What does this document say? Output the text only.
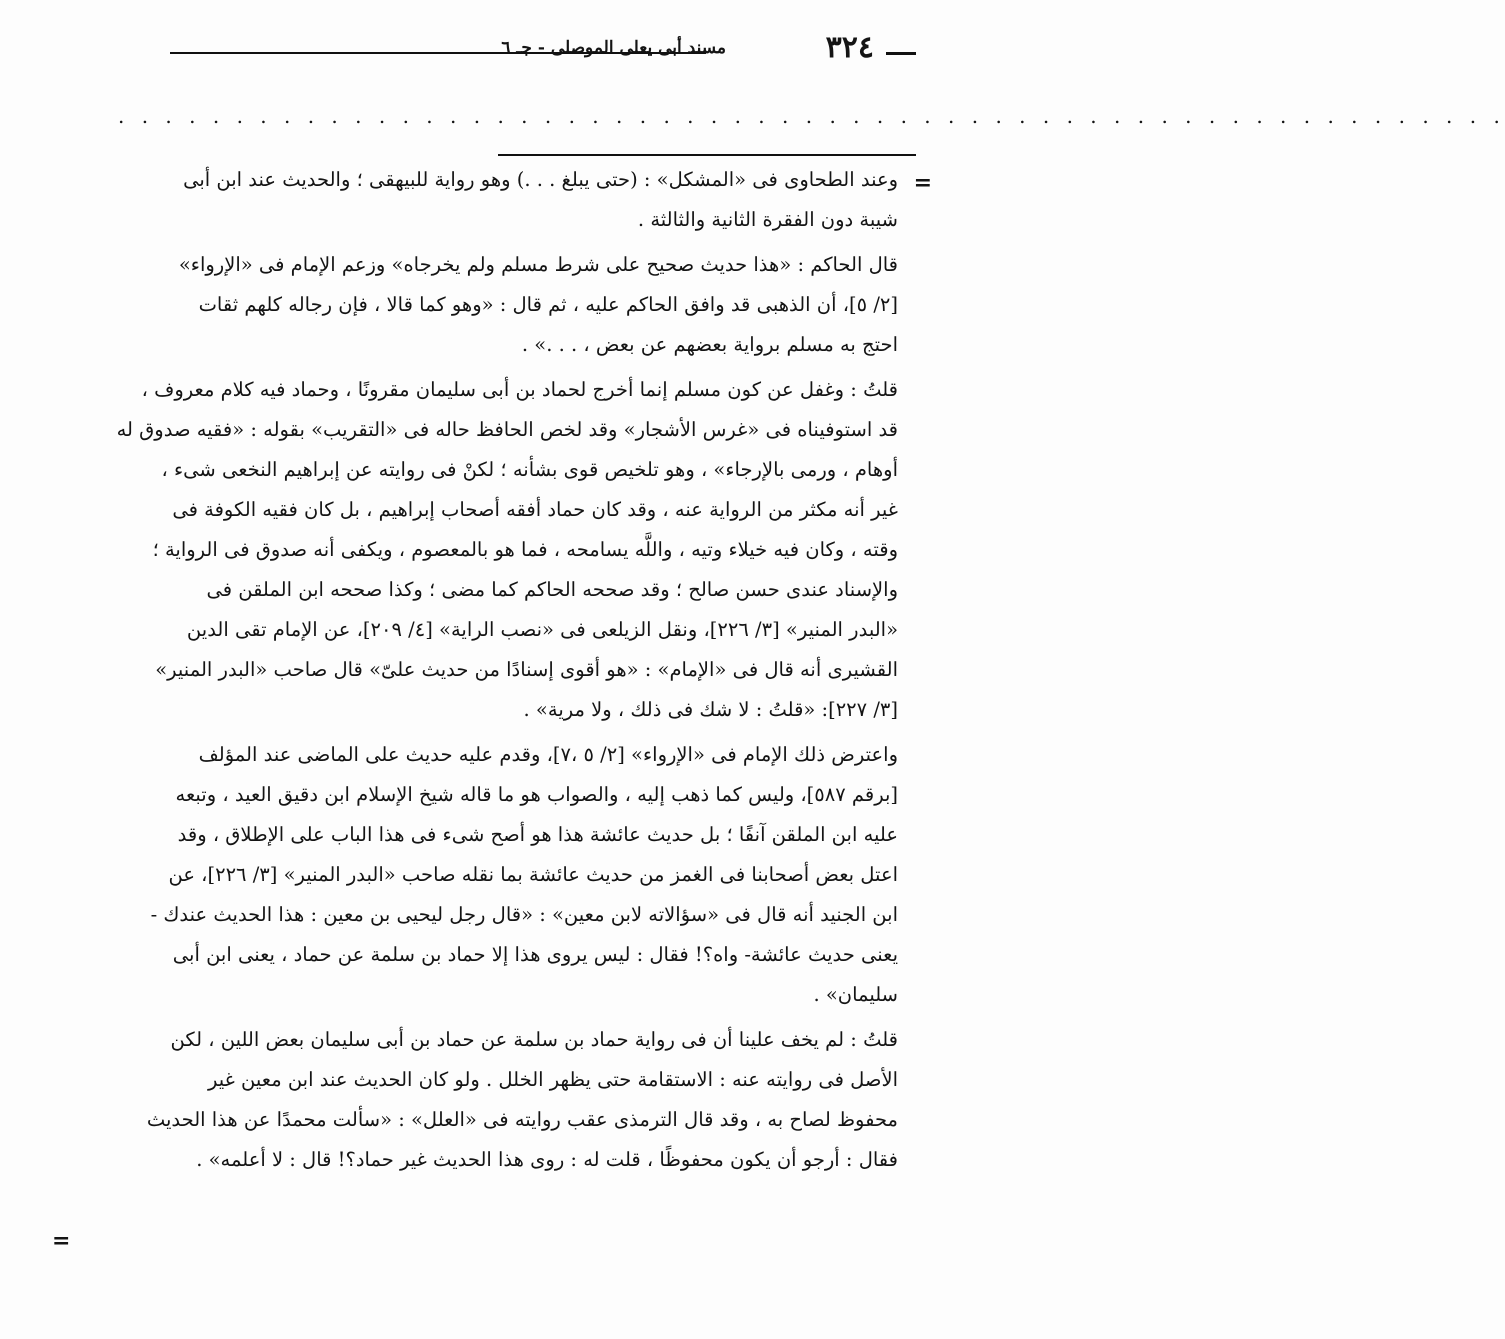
٣٢٤
مسند أبى يعلى الموصلى - جـ ٦
. . . . . . . . . . . . . . . . . . . . . . . . . . . . . . . . . . . . . . . . . . . . . . . . . . . . . . . . . . .
=

وعند الطحاوى فى «المشكل» : (حتى يبلغ . . .) وهو رواية للبيهقى ؛ والحديث عند ابن أبى
شيبة دون الفقرة الثانية والثالثة .

قال الحاكم : «هذا حديث صحيح على شرط مسلم ولم يخرجاه» وزعم الإمام فى «الإرواء»
[٢/ ٥]، أن الذهبى قد وافق الحاكم عليه ، ثم قال : «وهو كما قالا ، فإن رجاله كلهم ثقات
احتج به مسلم برواية بعضهم عن بعض ، . . .» .

قلتُ : وغفل عن كون مسلم إنما أخرج لحماد بن أبى سليمان مقرونًا ، وحماد فيه كلام معروف ،
قد استوفيناه فى «غرس الأشجار» وقد لخص الحافظ حاله فى «التقريب» بقوله : «فقيه صدوق له
أوهام ، ورمى بالإرجاء» ، وهو تلخيص قوى بشأنه ؛ لكنْ فى روايته عن إبراهيم النخعى شىء ،
غير أنه مكثر من الرواية عنه ، وقد كان حماد أفقه أصحاب إبراهيم ، بل كان فقيه الكوفة فى
وقته ، وكان فيه خيلاء وتيه ، واللَّه يسامحه ، فما هو بالمعصوم ، ويكفى أنه صدوق فى الرواية ؛
والإسناد عندى حسن صالح ؛ وقد صححه الحاكم كما مضى ؛ وكذا صححه ابن الملقن فى
«البدر المنير» [٣/ ٢٢٦]، ونقل الزيلعى فى «نصب الراية» [٤/ ٢٠٩]، عن الإمام تقى الدين
القشيرى أنه قال فى «الإمام» : «هو أقوى إسنادًا من حديث علىّ» قال صاحب «البدر المنير»
[٣/ ٢٢٧]: «قلتُ : لا شك فى ذلك ، ولا مرية» .

واعترض ذلك الإمام فى «الإرواء» [٢/ ٥ ،٧]، وقدم عليه حديث على الماضى عند المؤلف
[برقم ٥٨٧]، وليس كما ذهب إليه ، والصواب هو ما قاله شيخ الإسلام ابن دقيق العيد ، وتبعه
عليه ابن الملقن آنفًا ؛ بل حديث عائشة هذا هو أصح شىء فى هذا الباب على الإطلاق ، وقد
اعتل بعض أصحابنا فى الغمز من حديث عائشة بما نقله صاحب «البدر المنير» [٣/ ٢٢٦]، عن
ابن الجنيد أنه قال فى «سؤالاته لابن معين» : «قال رجل ليحيى بن معين : هذا الحديث عندك -
يعنى حديث عائشة- واه؟! فقال : ليس يروى هذا إلا حماد بن سلمة عن حماد ، يعنى ابن أبى
سليمان» .

قلتُ : لم يخف علينا أن فى رواية حماد بن سلمة عن حماد بن أبى سليمان بعض اللين ، لكن
الأصل فى روايته عنه : الاستقامة حتى يظهر الخلل . ولو كان الحديث عند ابن معين غير
محفوظ لصاح به ، وقد قال الترمذى عقب روايته فى «العلل» : «سألت محمدًا عن هذا الحديث
فقال : أرجو أن يكون محفوظًا ، قلت له : روى هذا الحديث غير حماد؟! قال : لا أعلمه» .

=
